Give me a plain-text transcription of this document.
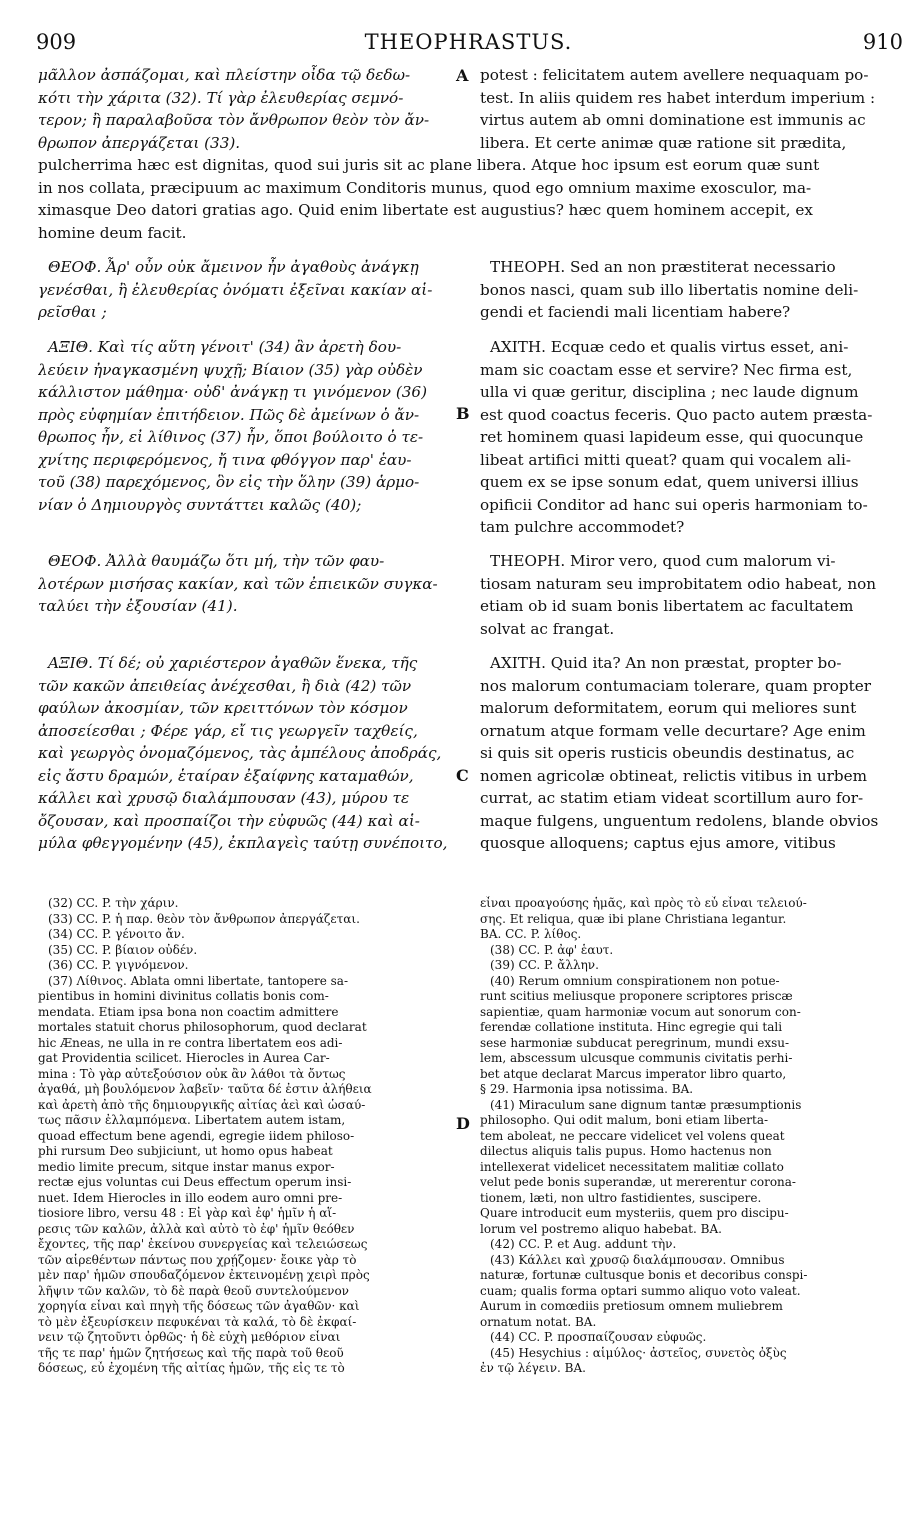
909	THEOPHRASTUS.	910
μᾶλλον ἀσπάζομαι, καὶ πλείστην οἶδα τῷ δεδω-
κότι τὴν χάριτα (32). Τί γὰρ ἐλευθερίας σεμνό-
τερον; ἢ παραλαβοῦσα τὸν ἄνθρωπον θεὸν τὸν ἄν-
θρωπον ἀπεργάζεται (33).
A potest : felicitatem autem avellere nequaquam po-
test. In aliis quidem res habet interdum imperium :
virtus autem ab omni dominatione est immunis ac
libera. Et certe animæ quæ ratione sit prædita,
pulcherrima hæc est dignitas, quod sui juris sit ac plane libera. Atque hoc ipsum est eorum quæ sunt
in nos collata, præcipuum ac maximum Conditoris munus, quod ego omnium maxime exosculor, ma-
ximasque Deo datori gratias ago. Quid enim libertate est augustius? hæc quem hominem accepit, ex
homine deum facit.
ΘΕΟΦ. Ἆρ' οὖν οὐκ ἄμεινον ἦν ἀγαθοὺς ἀνάγκῃ
γενέσθαι, ἢ ἐλευθερίας ὀνόματι ἐξεῖναι κακίαν αἱ-
ρεῖσθαι ;
THEOPH. Sed an non præstiterat necessario
bonos nasci, quam sub illo libertatis nomine deli-
gendi et faciendi mali licentiam habere?
ΑΞΙΘ. Καὶ τίς αὕτη γένοιτ' (34) ἂν ἀρετὴ δου-
λεύειν ἠναγκασμένη ψυχῇ; Βίαιον (35) γὰρ οὐδὲν
κάλλιστον μάθημα· οὐδ' ἀνάγκῃ τι γινόμενον (36)
πρὸς εὐφημίαν ἐπιτήδειον. Πῶς δὲ ἀμείνων ὁ ἄν-
θρωπος ἦν, εἰ λίθινος (37) ἦν, ὅποι βούλοιτο ὁ τε-
χνίτης περιφερόμενος, ἤ τινα φθόγγον παρ' ἑαυ-
τοῦ (38) παρεχόμενος, ὃν εἰς τὴν ὅλην (39) ἁρμο-
νίαν ὁ Δημιουργὸς συντάττει καλῶς (40);
B
AXITH. Ecquæ cedo et qualis virtus esset, ani-
mam sic coactam esse et servire? Nec firma est,
ulla vi quæ geritur, disciplina ; nec laude dignum
est quod coactus feceris. Quo pacto autem præsta-
ret hominem quasi lapideum esse, qui quocunque
libeat artifici mitti queat? quam qui vocalem ali-
quem ex se ipse sonum edat, quem universi illius
opificii Conditor ad hanc sui operis harmoniam to-
tam pulchre accommodet?
ΘΕΟΦ. Ἀλλὰ θαυμάζω ὅτι μή, τὴν τῶν φαυ-
λοτέρων μισήσας κακίαν, καὶ τῶν ἐπιεικῶν συγκα-
ταλύει τὴν ἐξουσίαν (41).
THEOPH. Miror vero, quod cum malorum vi-
tiosam naturam seu improbitatem odio habeat, non
etiam ob id suam bonis libertatem ac facultatem
solvat ac frangat.
ΑΞΙΘ. Τί δέ; οὐ χαριέστερον ἀγαθῶν ἕνεκα, τῆς
τῶν κακῶν ἀπειθείας ἀνέχεσθαι, ἢ διὰ (42) τῶν
φαύλων ἀκοσμίαν, τῶν κρειττόνων τὸν κόσμον
ἀποσείεσθαι ; Φέρε γάρ, εἴ τις γεωργεῖν ταχθείς,
καὶ γεωργὸς ὀνομαζόμενος, τὰς ἀμπέλους ἀποδράς,
εἰς ἄστυ δραμών, ἑταίραν ἐξαίφνης καταμαθών,
κάλλει καὶ χρυσῷ διαλάμπουσαν (43), μύρου τε
ὄζουσαν, καὶ προσπαίζοι τὴν εὐφυῶς (44) καὶ αἱ-
μύλα φθεγγομένην (45), ἐκπλαγεὶς ταύτῃ συνέποιτο,
C
AXITH. Quid ita? An non præstat, propter bo-
nos malorum contumaciam tolerare, quam propter
malorum deformitatem, eorum qui meliores sunt
ornatum atque formam velle decurtare? Age enim
si quis sit operis rusticis obeundis destinatus, ac
nomen agricolæ obtineat, relictis vitibus in urbem
currat, ac statim etiam videat scortillum auro for-
maque fulgens, unguentum redolens, blande obvios
quosque alloquens; captus ejus amore, vitibus
(32) CC. P. τὴν χάριν.
(33) CC. P. ἡ παρ. θεὸν τὸν ἄνθρωπον ἀπεργάζεται.
(34) CC. P. γένοιτο ἄν.
(35) CC. P. βίαιον οὐδέν.
(36) CC. P. γιγνόμενον.
(37) Λίθινος. Ablata omni libertate, tantopere sa-
pientibus in homini divinitus collatis bonis com-
mendata. Etiam ipsa bona non coactim admittere
mortales statuit chorus philosophorum, quod declarat
hic Æneas, ne ulla in re contra libertatem eos adi-
gat Providentia scilicet. Hierocles in Aurea Car-
mina : Τὸ γὰρ αὐτεξούσιον οὐκ ἂν λάθοι τὰ ὄντως
ἀγαθά, μὴ βουλόμενον λαβεῖν· ταῦτα δέ ἐστιν ἀλήθεια
καὶ ἀρετὴ ἀπὸ τῆς δημιουργικῆς αἰτίας ἀεὶ καὶ ὡσαύ-
τως πᾶσιν ἐλλαμπόμενα. Libertatem autem istam,
quoad effectum bene agendi, egregie iidem philoso-
phi rursum Deo subjiciunt, ut homo opus habeat
medio limite precum, sitque instar manus expor-
rectæ ejus voluntas cui Deus effectum operum insi-
nuet. Idem Hierocles in illo eodem auro omni pre-
tiosiore libro, versu 48 : Εἰ γὰρ καὶ ἐφ' ἡμῖν ἡ αἵ-
ρεσις τῶν καλῶν, ἀλλὰ καὶ αὐτὸ τὸ ἐφ' ἡμῖν θεόθεν
ἔχοντες, τῆς παρ' ἐκείνου συνεργείας καὶ τελειώσεως
τῶν αἱρεθέντων πάντως που χρῄζομεν· ἔοικε γὰρ τὸ
μὲν παρ' ἡμῶν σπουδαζόμενον ἐκτεινομένῃ χειρὶ πρὸς
λῆψιν τῶν καλῶν, τὸ δὲ παρὰ θεοῦ συντελούμενον
χορηγία εἶναι καὶ πηγὴ τῆς δόσεως τῶν ἀγαθῶν· καὶ
τὸ μὲν ἐξευρίσκειν πεφυκέναι τὰ καλά, τὸ δὲ ἐκφαί-
νειν τῷ ζητοῦντι ὀρθῶς· ἡ δὲ εὐχὴ μεθόριον εἶναι
τῆς τε παρ' ἡμῶν ζητήσεως καὶ τῆς παρὰ τοῦ θεοῦ
δόσεως, εὖ ἐχομένη τῆς αἰτίας ἡμῶν, τῆς εἰς τε τὸ
D
εἶναι προαγούσης ἡμᾶς, καὶ πρὸς τὸ εὖ εἶναι τελειού-
σης. Et reliqua, quæ ibi plane Christiana legantur.
BA. CC. P. λίθος.
(38) CC. P. ἀφ' ἑαυτ.
(39) CC. P. ἄλλην.
(40) Rerum omnium conspirationem non potue-
runt scitius meliusque proponere scriptores priscæ
sapientiæ, quam harmoniæ vocum aut sonorum con-
ferendæ collatione instituta. Hinc egregie qui tali
sese harmoniæ subducat peregrinum, mundi exsu-
lem, abscessum ulcusque communis civitatis perhi-
bet atque declarat Marcus imperator libro quarto,
§ 29. Harmonia ipsa notissima. BA.
(41) Miraculum sane dignum tantæ præsumptionis
philosopho. Qui odit malum, boni etiam liberta-
tem aboleat, ne peccare videlicet vel volens queat
dilectus aliquis talis pupus. Homo hactenus non
intellexerat videlicet necessitatem malitiæ collato
velut pede bonis superandæ, ut mererentur corona-
tionem, læti, non ultro fastidientes, suscipere.
Quare introducit eum mysteriis, quem pro discipu-
lorum vel postremo aliquo habebat. BA.
(42) CC. P. et Aug. addunt τὴν.
(43) Κάλλει καὶ χρυσῷ διαλάμπουσαν. Omnibus
naturæ, fortunæ cultusque bonis et decoribus conspi-
cuam; qualis forma optari summo aliquo voto valeat.
Aurum in comœdiis pretiosum omnem muliebrem
ornatum notat. BA.
(44) CC. P. προσπαίζουσαν εὐφυῶς.
(45) Hesychius : αἱμύλος· ἀστεῖος, συνετὸς ὀξὺς
ἐν τῷ λέγειν. BA.
